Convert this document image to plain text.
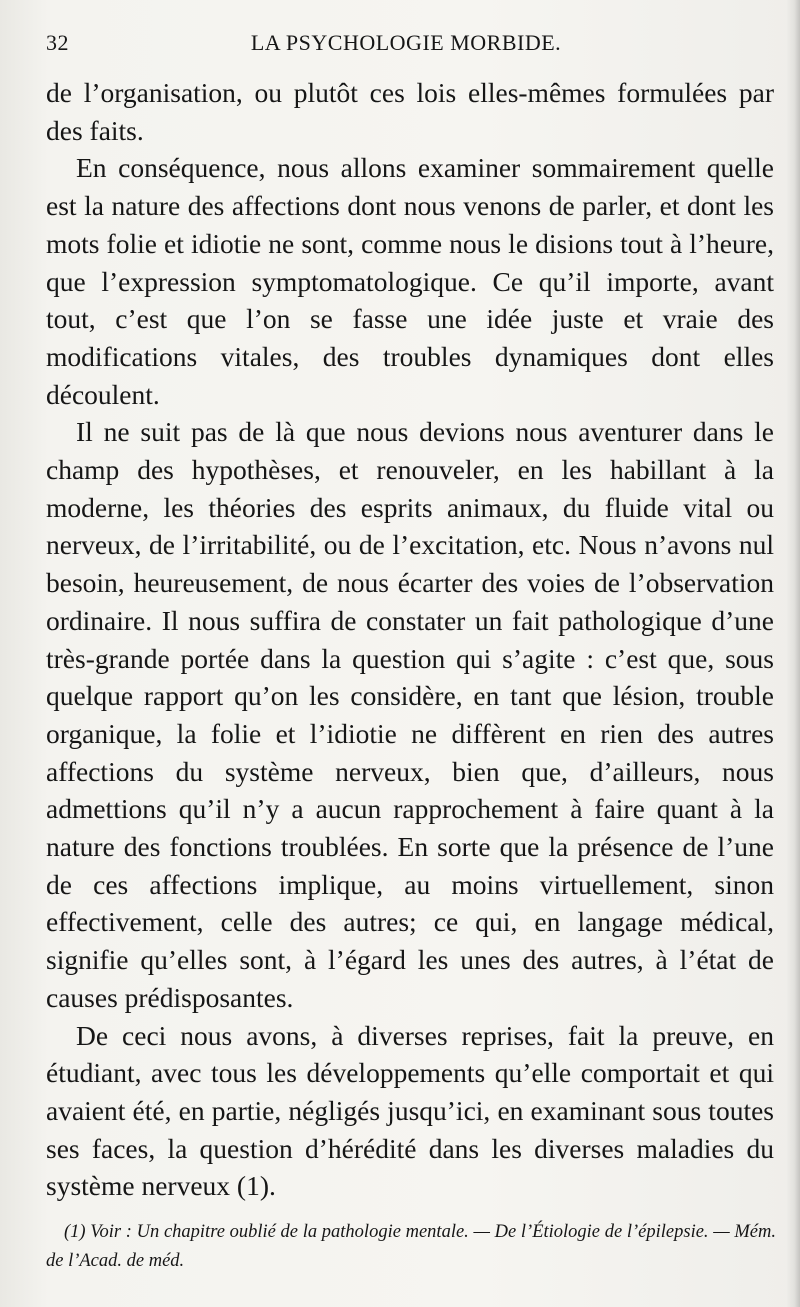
32	LA PSYCHOLOGIE MORBIDE.

de l’organisation, ou plutôt ces lois elles-mêmes formulées par des faits.

En conséquence, nous allons examiner sommairement quelle est la nature des affections dont nous venons de parler, et dont les mots folie et idiotie ne sont, comme nous le disions tout à l’heure, que l’expression symptomatologique. Ce qu’il importe, avant tout, c’est que l’on se fasse une idée juste et vraie des modifications vitales, des troubles dynamiques dont elles découlent.

Il ne suit pas de là que nous devions nous aventurer dans le champ des hypothèses, et renouveler, en les habillant à la moderne, les théories des esprits animaux, du fluide vital ou nerveux, de l’irritabilité, ou de l’excitation, etc. Nous n’avons nul besoin, heureusement, de nous écarter des voies de l’observation ordinaire. Il nous suffira de constater un fait pathologique d’une très-grande portée dans la question qui s’agite : c’est que, sous quelque rapport qu’on les considère, en tant que lésion, trouble organique, la folie et l’idiotie ne diffèrent en rien des autres affections du système nerveux, bien que, d’ailleurs, nous admettions qu’il n’y a aucun rapprochement à faire quant à la nature des fonctions troublées. En sorte que la présence de l’une de ces affections implique, au moins virtuellement, sinon effectivement, celle des autres; ce qui, en langage médical, signifie qu’elles sont, à l’égard les unes des autres, à l’état de causes prédisposantes.

De ceci nous avons, à diverses reprises, fait la preuve, en étudiant, avec tous les développements qu’elle comportait et qui avaient été, en partie, négligés jusqu’ici, en examinant sous toutes ses faces, la question d’hérédité dans les diverses maladies du système nerveux (1).

(1) Voir : Un chapitre oublié de la pathologie mentale. — De l’Étiologie de l’épilepsie. — Mém. de l’Acad. de méd.
